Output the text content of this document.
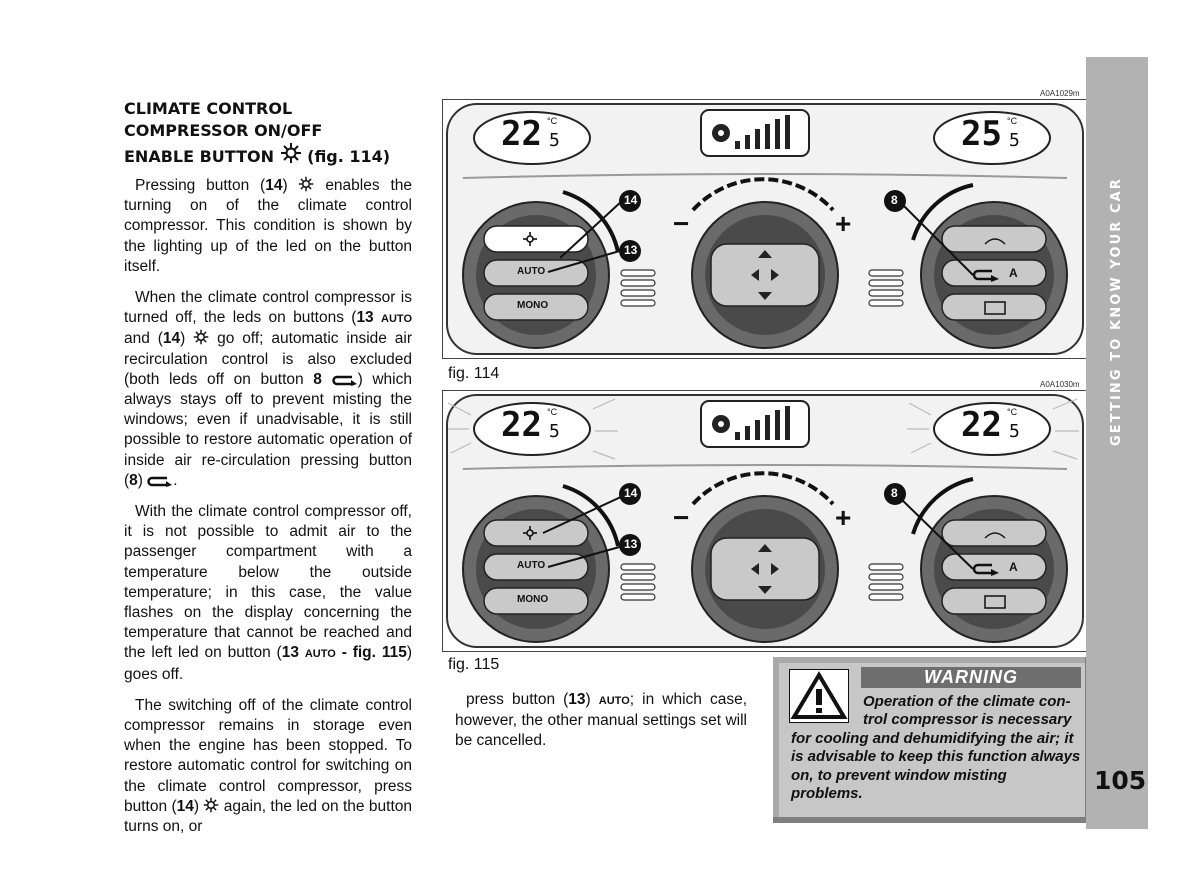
CLIMATE CONTROL
COMPRESSOR ON/OFF
ENABLE BUTTON (fig. 114)

Pressing button (14)  enables the turning on of the climate control compressor. This condition is shown by the lighting up of the led on the button itself.

When the climate control compressor is turned off, the leds on buttons (13 AUTO and (14)  go off; automatic inside air recirculation control is also excluded (both leds off on button 8 ) which always stays off to prevent misting the windows; even if unadvisable, it is still possible to restore automatic operation of inside air re-circulation pressing button (8) .

With the climate control compressor off, it is not possible to admit air to the passenger compartment with a temperature below the outside temperature; in this case, the value flashes on the display concerning the temperature that cannot be reached and the left led on button (13 AUTO - fig. 115) goes off.

The switching off of the climate control compressor remains in storage even when the engine has been stopped. To restore automatic control for switching on the climate control compressor, press button (14)  again, the led on the button turns on, or

A0A1029m
22 5
°C	25 5
°C
AUTO
MONO
14
13
8
−	+
A
fig. 114
A0A1030m
22 5
°C	22 5
°C
AUTO
MONO
14
13
8
−	+
A
fig. 115

press button (13) AUTO; in which case, however, the other manual settings set will be cancelled.

WARNING
Operation of the climate con-
trol compressor is necessary
for cooling and dehumidifying the air; it is advisable to keep this function always on, to prevent window misting problems.
GETTING TO KNOW YOUR CAR
105
